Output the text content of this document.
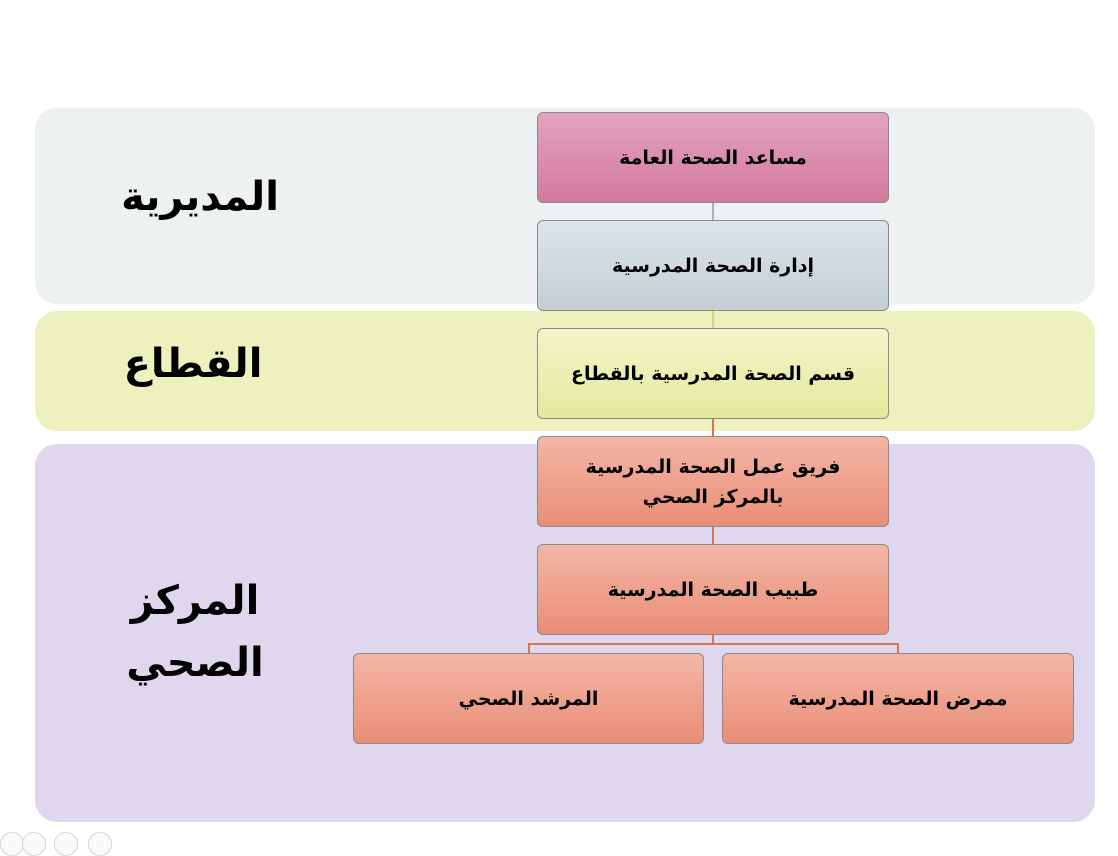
المديرية
القطاع
المركز
الصحي
مساعد الصحة العامة
إدارة الصحة المدرسية
قسم الصحة المدرسية بالقطاع
فريق عمل الصحة المدرسية
بالمركز الصحي
طبيب الصحة المدرسية
المرشد الصحي	ممرض الصحة المدرسية
